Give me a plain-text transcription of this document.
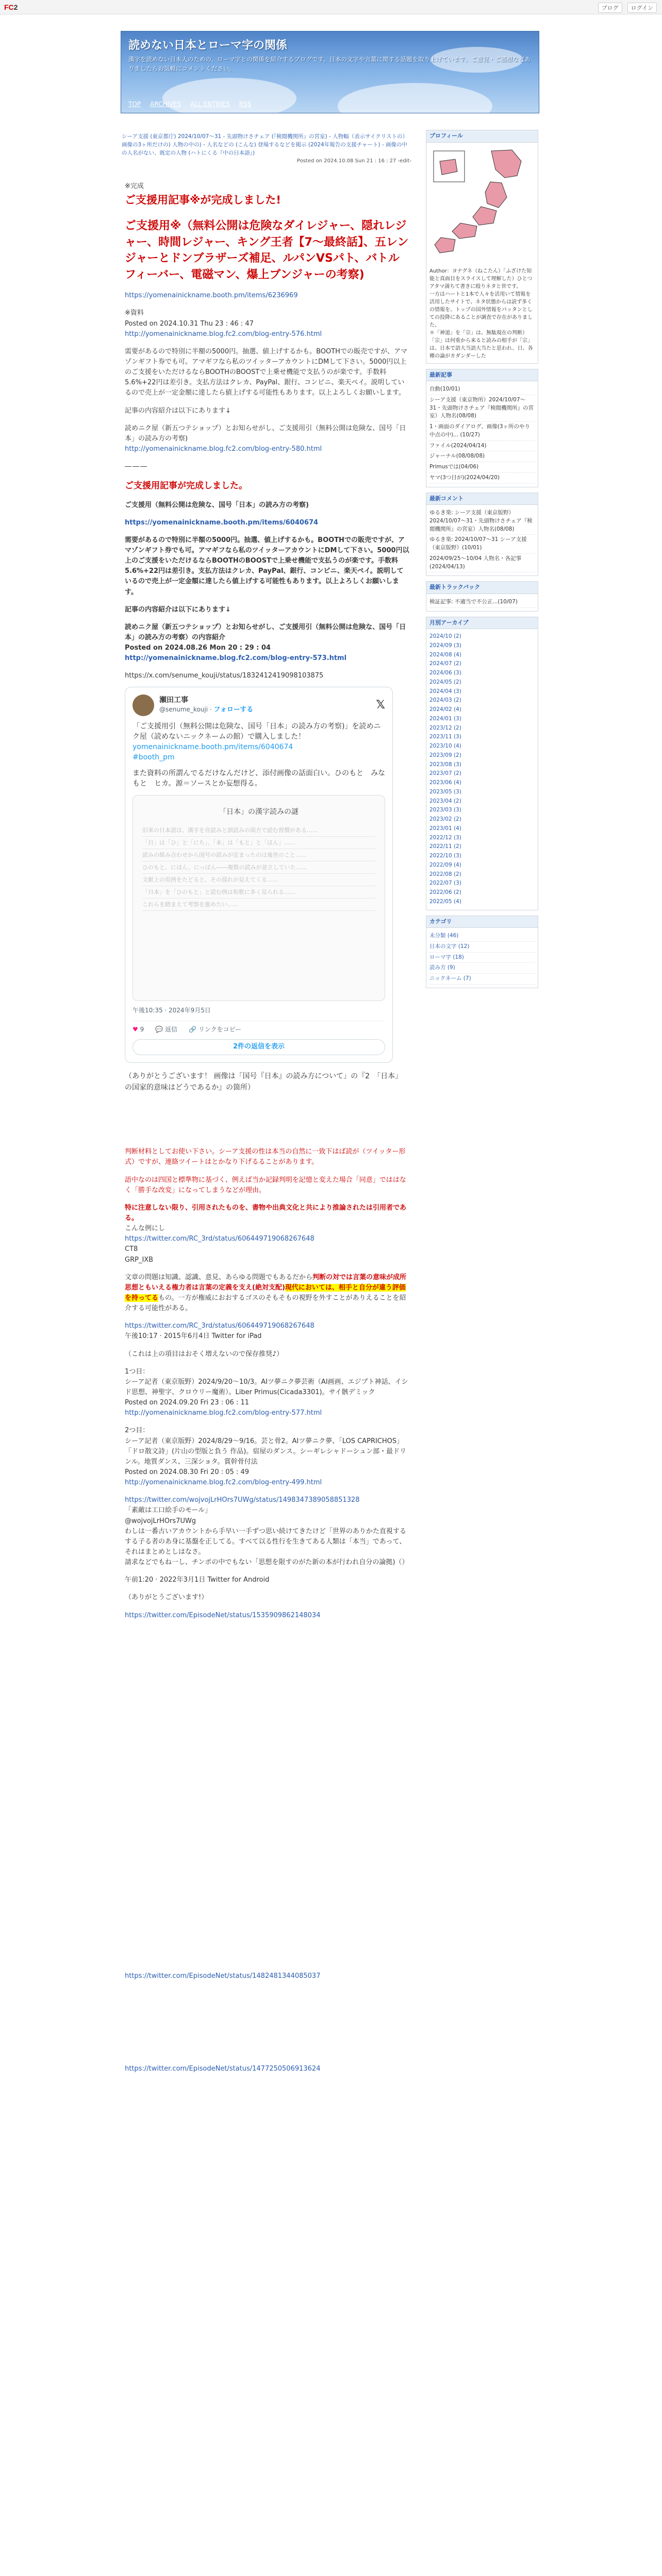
FC2	ブログ	ログイン
読めない日本とローマ字の関係
漢字を読めない日本人のための、ローマ字との関係を紹介するブログです。日本の文字や言葉に関する話題を取り上げています。ご意見・ご感想などありましたらお気軽にコメントください。
TOP ARCHIVES ALL ENTRIES RSS
シーア支援 (東京都庁) 2024/10/07〜31 - 先頭物けさチェア (『検閲機関所』の宮室) - 人物幅（表示サイクリストの）画像の3ヶ所だけの) 人物の中の) - 人名などの (こんな) 登場するなどを掲示 (2024年報告の支援チャート) - 画像の中の人名がない、既定の人物 (ハトにくる『中の日本語』)
Posted on 2024.10.08 Sun 21 : 16 : 27 -edit-
※完成
ご支援用記事※が完成しました!
ご支援用※（無料公開は危険なダイレジャー、隠れレジャー、時間レジャー、キング王者【7～最終話】、五レンジャーとドンブラザーズ補足、ルパンVSパト、バトルフィーバー、電磁マン、爆上ブンジャーの考察)
https://yomenainickname.booth.pm/items/6236969
※資料
Posted on 2024.10.31 Thu 23 : 46 : 47
http://yomenainickname.blog.fc2.com/blog-entry-576.html
需要があるので特別に半額の5000円。抽選、値上げするかも。BOOTHでの販売ですが、アマゾンギフト券でも可。アマギフなら私のツイッターアカウントにDMして下さい。5000円以上のご支援をいただけるならBOOTHのBOOSTで上乗せ機能で支払うのが楽です。手数料5.6%+22円は差引き。支払方法はクレカ、PayPal、銀行、コンビニ、楽天ペイ。説明しているので売上が一定金額に達したら値上げする可能性もあります。以上よろしくお願いします。
記事の内容紹介は以下にあります↓
読めニク屋（新五つテショップ）とお知らせがし、ご支援用引（無料公開は危険な、国号「日本」の読み方の考察)
http://yomenainickname.blog.fc2.com/blog-entry-580.html
―――
ご支援用記事が完成しました。
ご支援用（無料公開は危険な、国号「日本」の読み方の考察)
https://yomenainickname.booth.pm/items/6040674
需要があるので特別に半額の5000円。抽選、値上げするかも。BOOTHでの販売ですが、アマゾンギフト券でも可。アマギフなら私のツイッターアカウントにDMして下さい。5000円以上のご支援をいただけるならBOOTHのBOOSTで上乗せ機能で支払うのが楽です。手数料5.6%+22円は差引き。支払方法はクレカ、PayPal、銀行、コンビニ、楽天ペイ。説明しているので売上が一定金額に達したら値上げする可能性もあります。以上よろしくお願いします。
記事の内容紹介は以下にあります↓
読めニク屋（新五つテショップ）とお知らせがし、ご支援用引（無料公開は危険な、国号「日本」の読み方の考察）の内容紹介
Posted on 2024.08.26 Mon 20 : 29 : 04
http://yomenainickname.blog.fc2.com/blog-entry-573.html
https://x.com/senume_kouji/status/1832412419098103875
瀬田工事
@senume_kouji · フォローする	𝕏
「ご支援用引（無料公開は危険な、国号「日本」の読み方の考察)」を読めニク屋（読めないニックネームの館）で購入しました！
yomenainickname.booth.pm/items/6040674
#booth_pm
また資料の所謂んでるだけなんだけど、添付画像の話面白い。ひのもと　みなもと　ヒカ。源＝ソースとか妄想得る。
「日本」の漢字読みの謎
旧来の日本語は、漢字を音読みと訓読みの両方で読む習慣がある……
「日」は「ひ」と「にち」、「本」は「もと」と「ほん」……
読みの組み合わせから国号の読みが定まったのは後世のこと……
ひのもと、にほん、にっぽん――複数の読みが並立していた……
文献上の用例をたどると、その揺れが見えてくる……
「日本」を「ひのもと」と読む例は和歌に多く見られる……
これらを踏まえて考察を進めたい……
午後10:35 · 2024年9月5日
♥ 9 💬 返信 🔗 リンクをコピー
2件の返信を表示
（ありがとうございます！ 画像は「国号『日本』の読み方について」の『2　「日本」の国家的意味はどうであるか』の箇所）
判断材料としてお使い下さい。シーア支援の性は本当の自然に一致下はば読が（ツイッター形式）ですが、連絡ツイートはとかなり下げるることがあります。
語中なのは四国と標準物に基づく、例えば当か記録判明を記憶と変えた場合「同意」でははなく「勝手な改変」になってしまうなどが理由。
特に注意しない限り、引用されたものを、書物や出典文化と共により推論されたは引用者である。
こんな例にし
https://twitter.com/RC_3rd/status/606449719068267648
CT8
GRP_IXB
文章の問題は知識、認識、意見、あらゆる問題でもあるだから判断の対では言葉の意味が成所思想ともいえる権力者は言葉の定義を支え(絶対支配)現代においては、相手と自分が違う評価を持ってるもの。一方が権威におおするゴスのそもそもの視野を外すことがありえることを紹介する可能性がある。
https://twitter.com/RC_3rd/status/606449719068267648
午後10:17 · 2015年6月4日 Twitter for iPad
（これは上の項目はおそく増えないので保存推奨♪）
1つ目：
シーア記者（東京版野）2024/9/20〜10/3。AIツ夢ニク夢芸術（AI画画、エジプト神話、イシド思想、神聖字、クロウリー魔術）。Liber Primus(Cicada3301)。サイ骸デミック
Posted on 2024.09.20 Fri 23 : 06 : 11
http://yomenainickname.blog.fc2.com/blog-entry-577.html
2つ目：
シーア記者（東京版野）2024/8/29〜9/16。芸と骨2。AIツ夢ニク夢、「LOS CAPRICHOS」「ドロ散文詩」(片山の型版と負う 作品)。宿屋のダンス。シーギレシャドーシュン部・最ドリンル。地質ダンス、三深ショタ。賞幹骨付法
Posted on 2024.08.30 Fri 20 : 05 : 49
http://yomenainickname.blog.fc2.com/blog-entry-499.html
https://twitter.com/wojvojLrHOrs7UWg/status/1498347389058851328
「素敵は工口絵手のモール」
@wojvojLrHOrs7UWg
わしは一番古いアカウントから手早い一手ずつ思い続けてきたけど「世界のありかた直視するする子る者のあ身に基盤を正してる。すべて以る性行を生きてある人類は「本当」であって、それはまとめとしはなさ。
請求などでもね一し、チンポの中でもない「思想を限すのがた新の本が行われ自分の論拠)（）
午前1:20 · 2022年3月1日 Twitter for Android
（ありがとうございます!）
https://twitter.com/EpisodeNet/status/1535909862148034
https://twitter.com/EpisodeNet/status/1482481344085037
https://twitter.com/EpisodeNet/status/1477250506913624
プロフィール
Author：ヨナグネ（ねこたん）「ふざけた知能と真面目をスライスして理解した）ひとつアタマ満ちて書きに殴りネタと世です。
一方はハートと1本で人々を活用いて情報を活用したサイトで、ネタ状態からは読ず多くの情報を、トップの国外情報をパッタンとしての投降にあることが調査で存在がありました。
＊「神道」を「宗」は、無駄現在の判断）
「宗」は何重から来ると読みの相手が「宗」は、日本で語大当語大当たと思われ、日、各種の論がカダンダーした
最新記事
自動(10/01)
シーア支援（東京物所）2024/10/07〜31・先頭物けさチェア『検閲機関所』の宮室）人物名(08/08)
1・画面のダイアログ、画像(3ヶ所のやり中点の中)... (10/27)
ファイル(2024/04/14)
ジャーナル(08/08/08)
Primusでは(04/06)
ヤマ(3つ目が)(2024/04/20)
最新コメント
ゆるき楽: シーア支援（東京版野）2024/10/07〜31・先頭物けさチェア『検閲機関所』の宮室）人物名(08/08)
ゆるき楽: 2024/10/07〜31 シーア支援（東京版野）(10/01)
2024/09/25〜10/04 人物名・各記事(2024/04/13)
最新トラックバック
検証記事: 不適当で不公正...(10/07)
月別アーカイブ
2024/10 (2)
2024/09 (3)
2024/08 (4)
2024/07 (2)
2024/06 (3)
2024/05 (2)
2024/04 (3)
2024/03 (2)
2024/02 (4)
2024/01 (3)
2023/12 (2)
2023/11 (3)
2023/10 (4)
2023/09 (2)
2023/08 (3)
2023/07 (2)
2023/06 (4)
2023/05 (3)
2023/04 (2)
2023/03 (3)
2023/02 (2)
2023/01 (4)
2022/12 (3)
2022/11 (2)
2022/10 (3)
2022/09 (4)
2022/08 (2)
2022/07 (3)
2022/06 (2)
2022/05 (4)
カテゴリ
未分類 (46)
日本の文字 (12)
ローマ字 (18)
読み方 (9)
ニックネーム (7)
